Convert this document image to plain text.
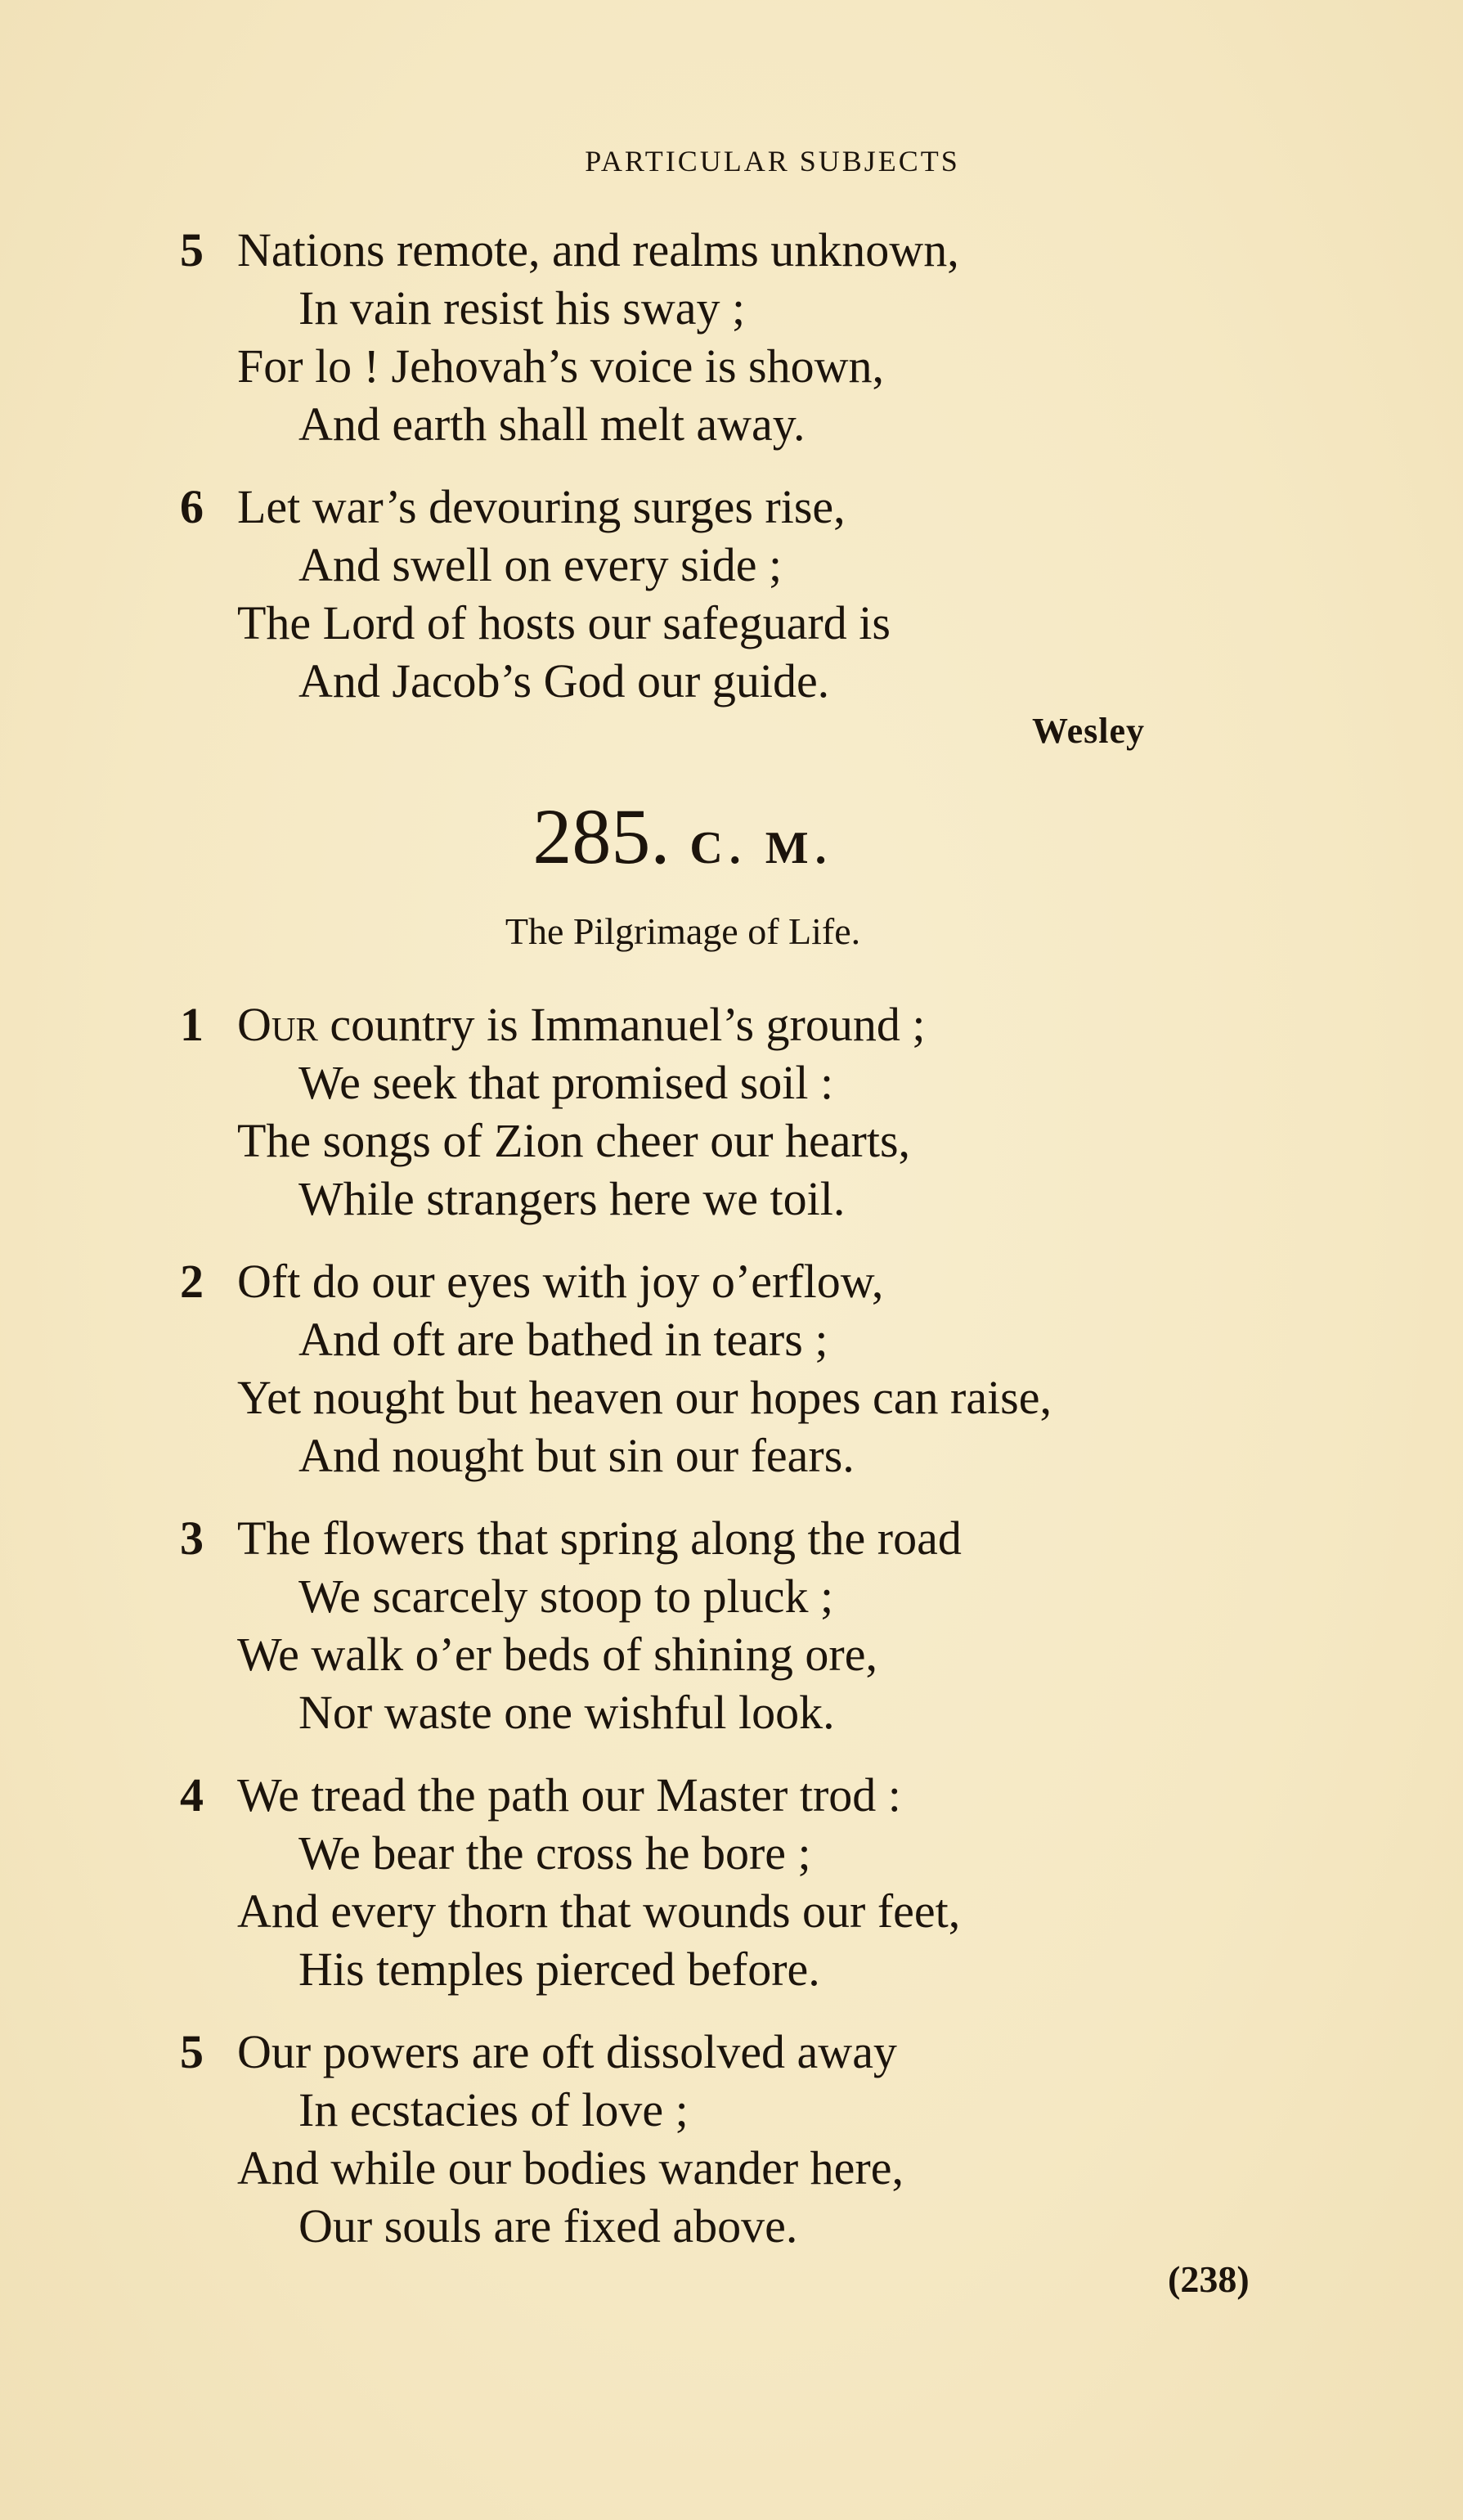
PARTICULAR SUBJECTS
5 Nations remote, and realms unknown,
In vain resist his sway ;
For lo ! Jehovah’s voice is shown,
And earth shall melt away.
6 Let war’s devouring surges rise,
And swell on every side ;
The Lord of hosts our safeguard is
And Jacob’s God our guide.
Wesley
285. C. M.
The Pilgrimage of Life.
1 Our country is Immanuel’s ground ;
We seek that promised soil :
The songs of Zion cheer our hearts,
While strangers here we toil.
2 Oft do our eyes with joy o’erflow,
And oft are bathed in tears ;
Yet nought but heaven our hopes can raise,
And nought but sin our fears.
3 The flowers that spring along the road
We scarcely stoop to pluck ;
We walk o’er beds of shining ore,
Nor waste one wishful look.
4 We tread the path our Master trod :
We bear the cross he bore ;
And every thorn that wounds our feet,
His temples pierced before.
5 Our powers are oft dissolved away
In ecstacies of love ;
And while our bodies wander here,
Our souls are fixed above.
(238)
